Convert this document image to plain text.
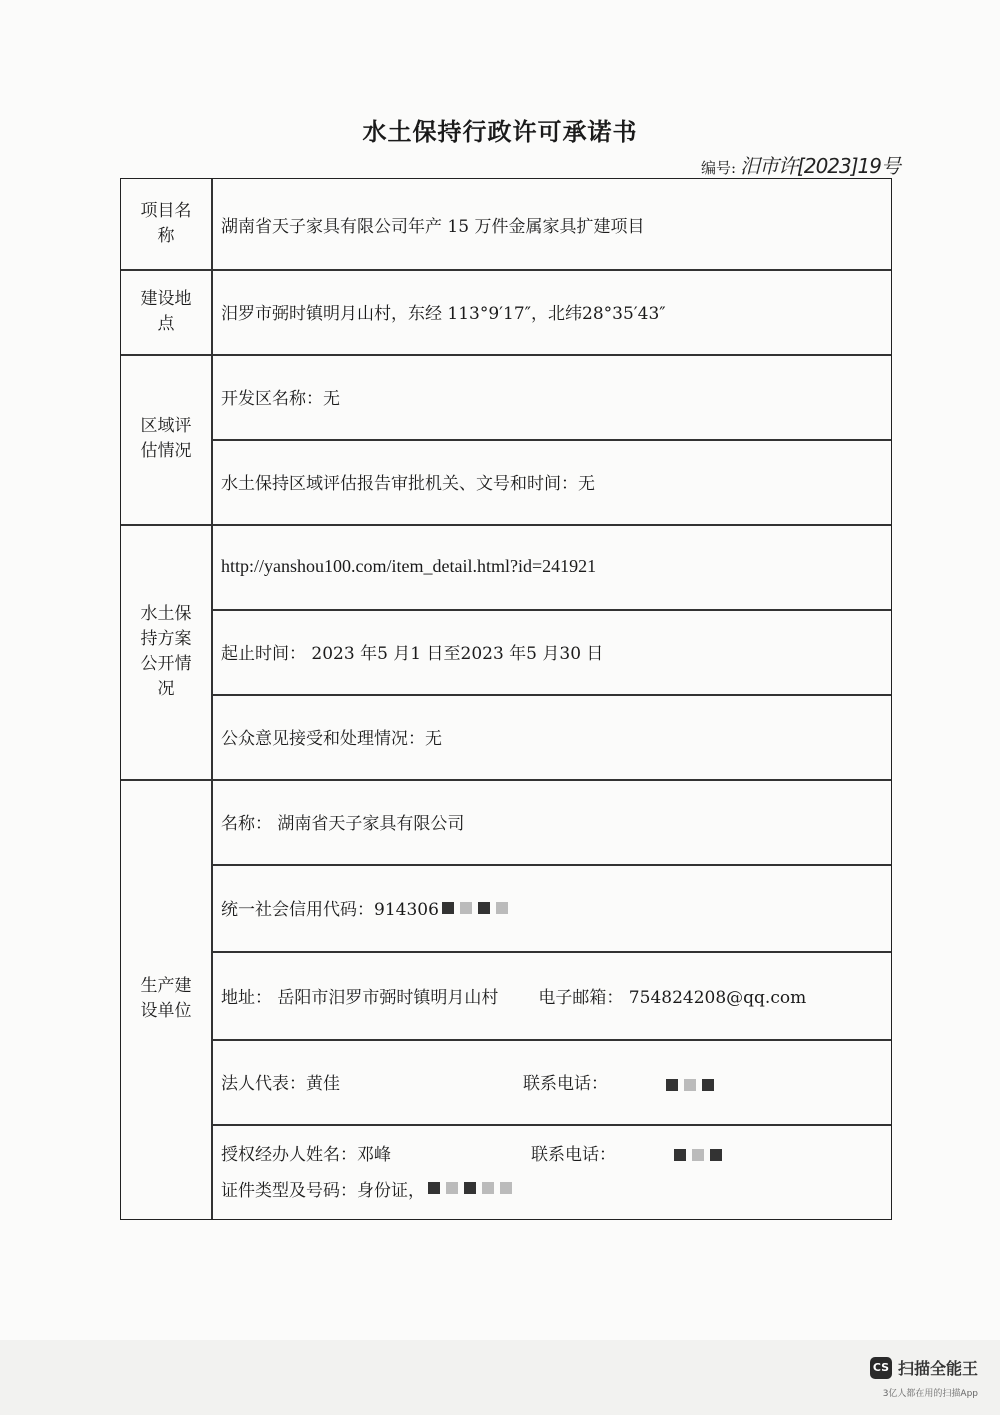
水土保持行政许可承诺书
编号: 汨市许[2023]19号
项目名称	湖南省天子家具有限公司年产 15 万件金属家具扩建项目
建设地点	汨罗市弼时镇明月山村，东经 113°9′17″，北纬28°35′43″
区域评估情况
开发区名称：无
水土保持区域评估报告审批机关、文号和时间：无
水土保持方案公开情况
http://yanshou100.com/item_detail.html?id=241921
起止时间： 2023 年5 月1 日至2023 年5 月30 日
公众意见接受和处理情况：无
生产建设单位
名称： 湖南省天子家具有限公司
统一社会信用代码：914306
地址： 岳阳市汨罗市弼时镇明月山村 电子邮箱： 754824208@qq.com
法人代表：黄佳	联系电话：
授权经办人姓名：邓峰	联系电话：
证件类型及号码：身份证，
CS 扫描全能王
3亿人都在用的扫描App
